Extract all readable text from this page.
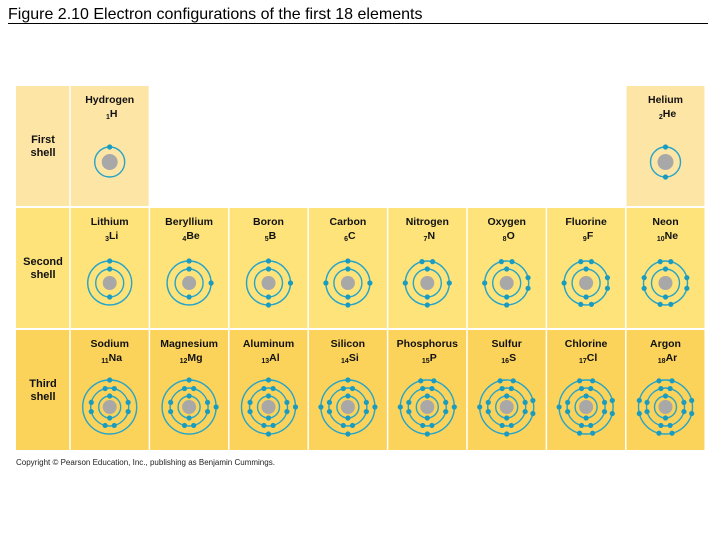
Figure 2.10 Electron configurations of the first 18 elements
First
shell
Second
shell
Third
shell
Hydrogen
1H
Helium
2He
Lithium
3Li
Beryllium
4Be
Boron
5B
Carbon
6C
Nitrogen
7N
Oxygen
8O
Fluorine
9F
Neon
10Ne
Sodium
11Na
Magnesium
12Mg
Aluminum
13Al
Silicon
14Si
Phosphorus
15P
Sulfur
16S
Chlorine
17Cl
Argon
18Ar
Copyright © Pearson Education, Inc., publishing as Benjamin Cummings.
